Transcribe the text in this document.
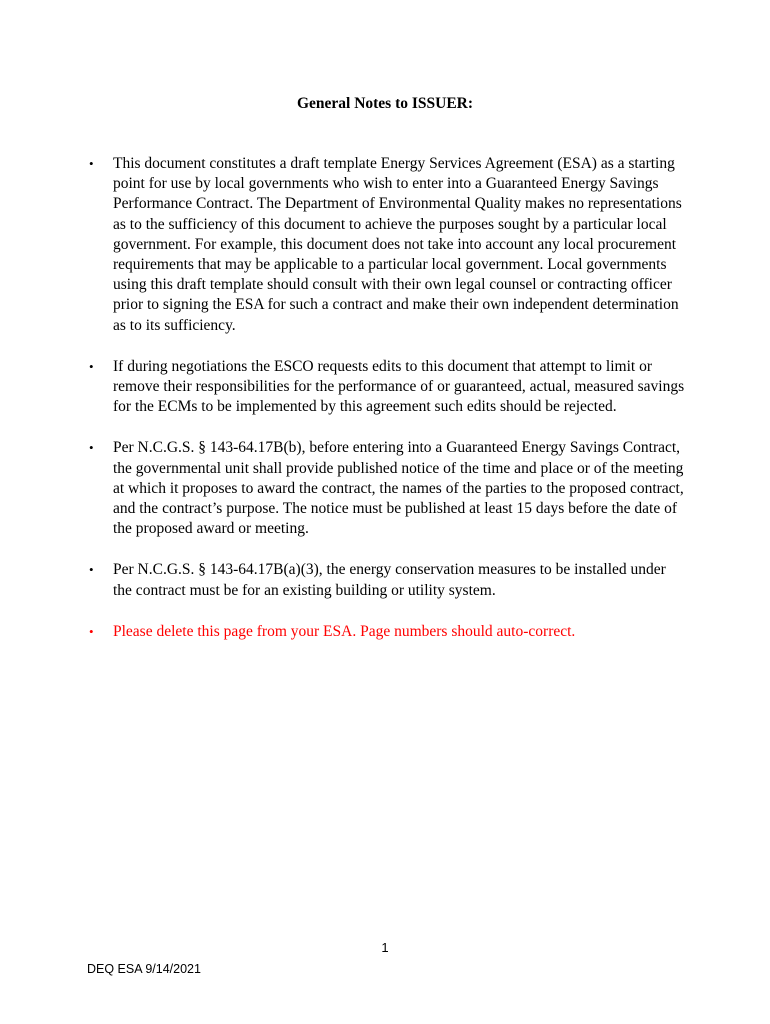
General Notes to ISSUER:
•	This document constitutes a draft template Energy Services Agreement (ESA) as a starting point for use by local governments who wish to enter into a Guaranteed Energy Savings Performance Contract. The Department of Environmental Quality makes no representations as to the sufficiency of this document to achieve the purposes sought by a particular local government. For example, this document does not take into account any local procurement requirements that may be applicable to a particular local government. Local governments using this draft template should consult with their own legal counsel or contracting officer prior to signing the ESA for such a contract and make their own independent determination as to its sufficiency.
•	If during negotiations the ESCO requests edits to this document that attempt to limit or remove their responsibilities for the performance of or guaranteed, actual, measured savings for the ECMs to be implemented by this agreement such edits should be rejected.
•	Per N.C.G.S. § 143-64.17B(b), before entering into a Guaranteed Energy Savings Contract, the governmental unit shall provide published notice of the time and place or of the meeting at which it proposes to award the contract, the names of the parties to the proposed contract, and the contract’s purpose. The notice must be published at least 15 days before the date of the proposed award or meeting.
•	Per N.C.G.S. § 143-64.17B(a)(3), the energy conservation measures to be installed under the contract must be for an existing building or utility system.
•	Please delete this page from your ESA. Page numbers should auto-correct.
1
DEQ ESA 9/14/2021
